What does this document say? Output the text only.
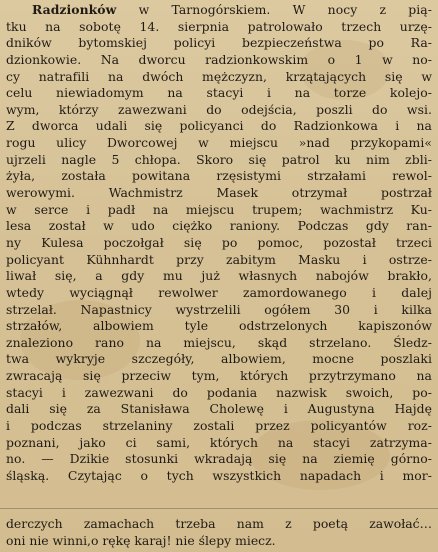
Radzionków w Tarnogórskiem. W nocy z pią-
tku na sobotę 14. sierpnia patrolowało trzech urzę-
dników bytomskiej policyi bezpieczeństwa po Ra-
dzionkowie. Na dworcu radzionkowskim o 1 w no-
cy natrafili na dwóch mężczyzn, krzątających się w
celu niewiadomym na stacyi i na torze kolejo-
wym, którzy zawezwani do odejścia, poszli do wsi.
Z dworca udali się policyanci do Radzionkowa i na
rogu ulicy Dworcowej w miejscu »nad przykopami«
ujrzeli nagle 5 chłopa. Skoro się patrol ku nim zbli-
żyła, została powitana rzęsistymi strzałami rewol-
werowymi. Wachmistrz Masek otrzymał postrzał
w serce i padł na miejscu trupem; wachmistrz Ku-
lesa został w udo ciężko raniony. Podczas gdy ran-
ny Kulesa poczołgał się po pomoc, pozostał trzeci
policyant Kühnhardt przy zabitym Masku i ostrze-
liwał się, a gdy mu już własnych nabojów brakło,
wtedy wyciągnął rewolwer zamordowanego i dalej
strzelał. Napastnicy wystrzelili ogółem 30 i kilka
strzałów, albowiem tyle odstrzelonych kapiszonów
znaleziono rano na miejscu, skąd strzelano. Śledz-
twa wykryje szczegóły, albowiem, mocne poszlaki
zwracają się przeciw tym, których przytrzymano na
stacyi i zawezwani do podania nazwisk swoich, po-
dali się za Stanisława Cholewę i Augustyna Hajdę
i podczas strzelaniny zostali przez policyantów roz-
poznani, jako ci sami, których na stacyi zatrzyma-
no. — Dzikie stosunki wkradają się na ziemię górno-
śląską. Czytając o tych wszystkich napadach i mor-
derczych zamachach trzeba nam z poetą zawołać…
oni nie winni,o rękę karaj! nie ślepy miecz.
